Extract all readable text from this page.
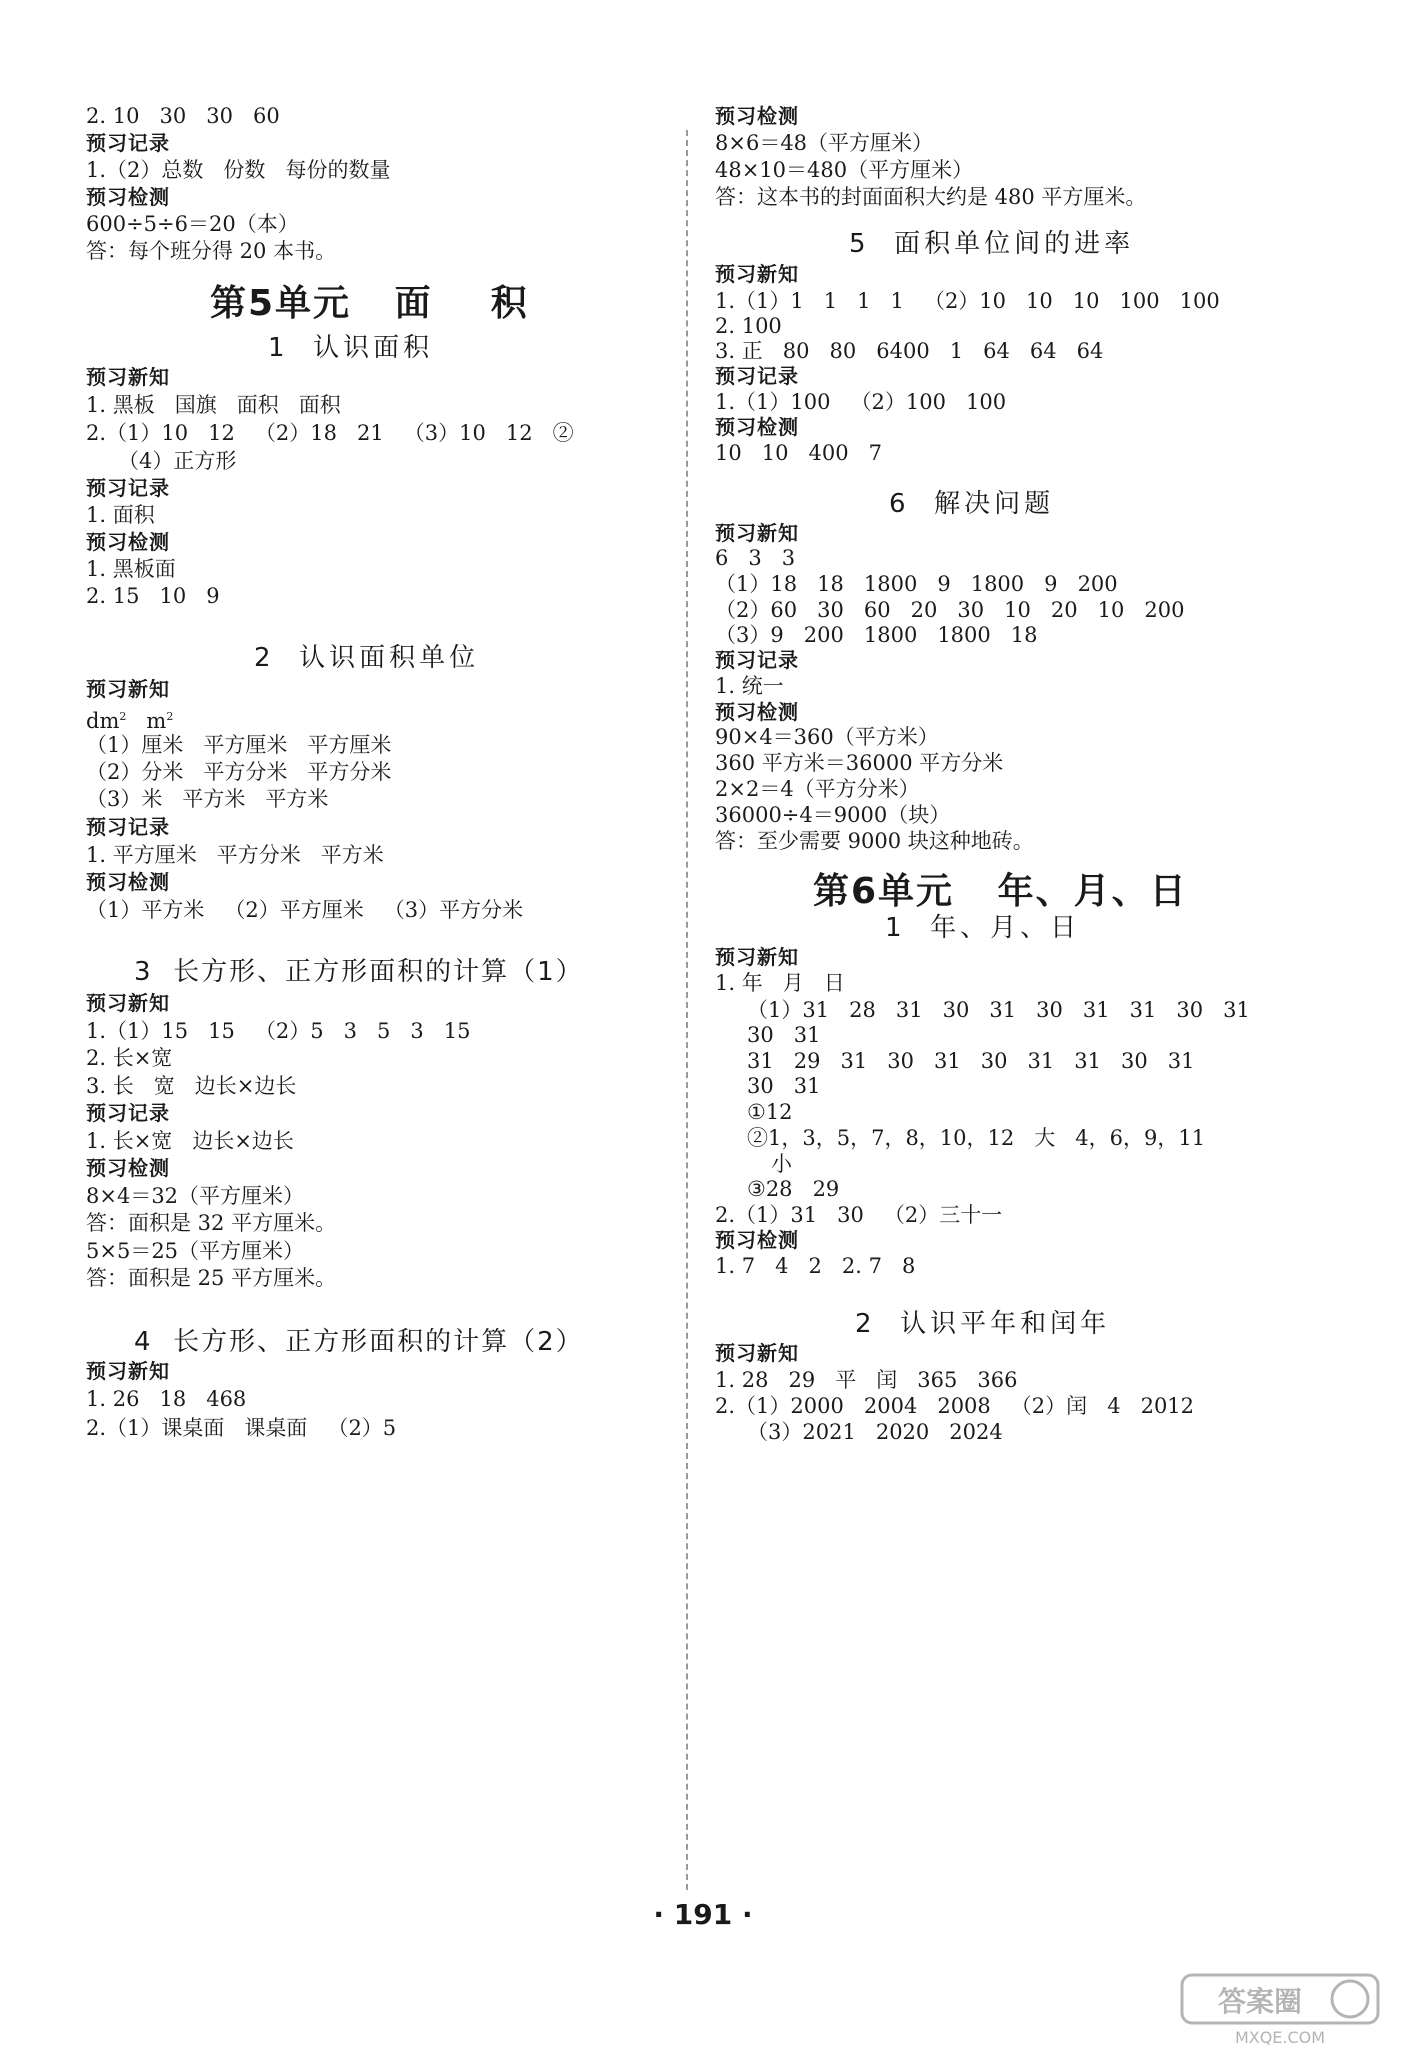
2. 10   30   30   60
预习记录
1.（2）总数   份数   每份的数量
预习检测
600÷5÷6＝20（本）
答：每个班分得 20 本书。
第5单元   面    积
1  认识面积
预习新知
1. 黑板   国旗   面积   面积
2.（1）10   12   （2）18   21   （3）10   12   ②
（4）正方形
预习记录
1. 面积
预习检测
1. 黑板面
2. 15   10   9
2  认识面积单位
预习新知
$dm^2$   $m^2$
（1）厘米   平方厘米   平方厘米
（2）分米   平方分米   平方分米
（3）米   平方米   平方米
预习记录
1. 平方厘米   平方分米   平方米
预习检测
（1）平方米   （2）平方厘米   （3）平方分米
3  长方形、正方形面积的计算（1）
预习新知
1.（1）15   15   （2）5   3   5   3   15
2. 长×宽
3. 长   宽   边长×边长
预习记录
1. 长×宽   边长×边长
预习检测
8×4＝32（平方厘米）
答：面积是 32 平方厘米。
5×5＝25（平方厘米）
答：面积是 25 平方厘米。
4  长方形、正方形面积的计算（2）
预习新知
1. 26   18   468
2.（1）课桌面   课桌面   （2）5
预习检测
8×6＝48（平方厘米）
48×10＝480（平方厘米）
答：这本书的封面面积大约是 480 平方厘米。
5  面积单位间的进率
预习新知
1.（1）1   1   1   1   （2）10   10   10   100   100
2. 100
3. 正   80   80   6400   1   64   64   64
预习记录
1.（1）100   （2）100   100
预习检测
10   10   400   7
6  解决问题
预习新知
6   3   3
（1）18   18   1800   9   1800   9   200
（2）60   30   60   20   30   10   20   10   200
（3）9   200   1800   1800   18
预习记录
1. 统一
预习检测
90×4＝360（平方米）
360 平方米＝36000 平方分米
2×2＝4（平方分米）
36000÷4＝9000（块）
答：至少需要 9000 块这种地砖。
第6单元   年、月、日
1  年、月、日
预习新知
1. 年   月   日
（1）31   28   31   30   31   30   31   31   30   31
30   31
31   29   31   30   31   30   31   31   30   31
30   31
①12
②1，3，5，7，8，10，12   大   4，6，9，11
小
③28   29
2.（1）31   30   （2）三十一
预习检测
1. 7   4   2   2. 7   8
2  认识平年和闰年
预习新知
1. 28   29   平   闰   365   366
2.（1）2000   2004   2008   （2）闰   4   2012
（3）2021   2020   2024
· 191 ·
答案圈
MXQE.COM
